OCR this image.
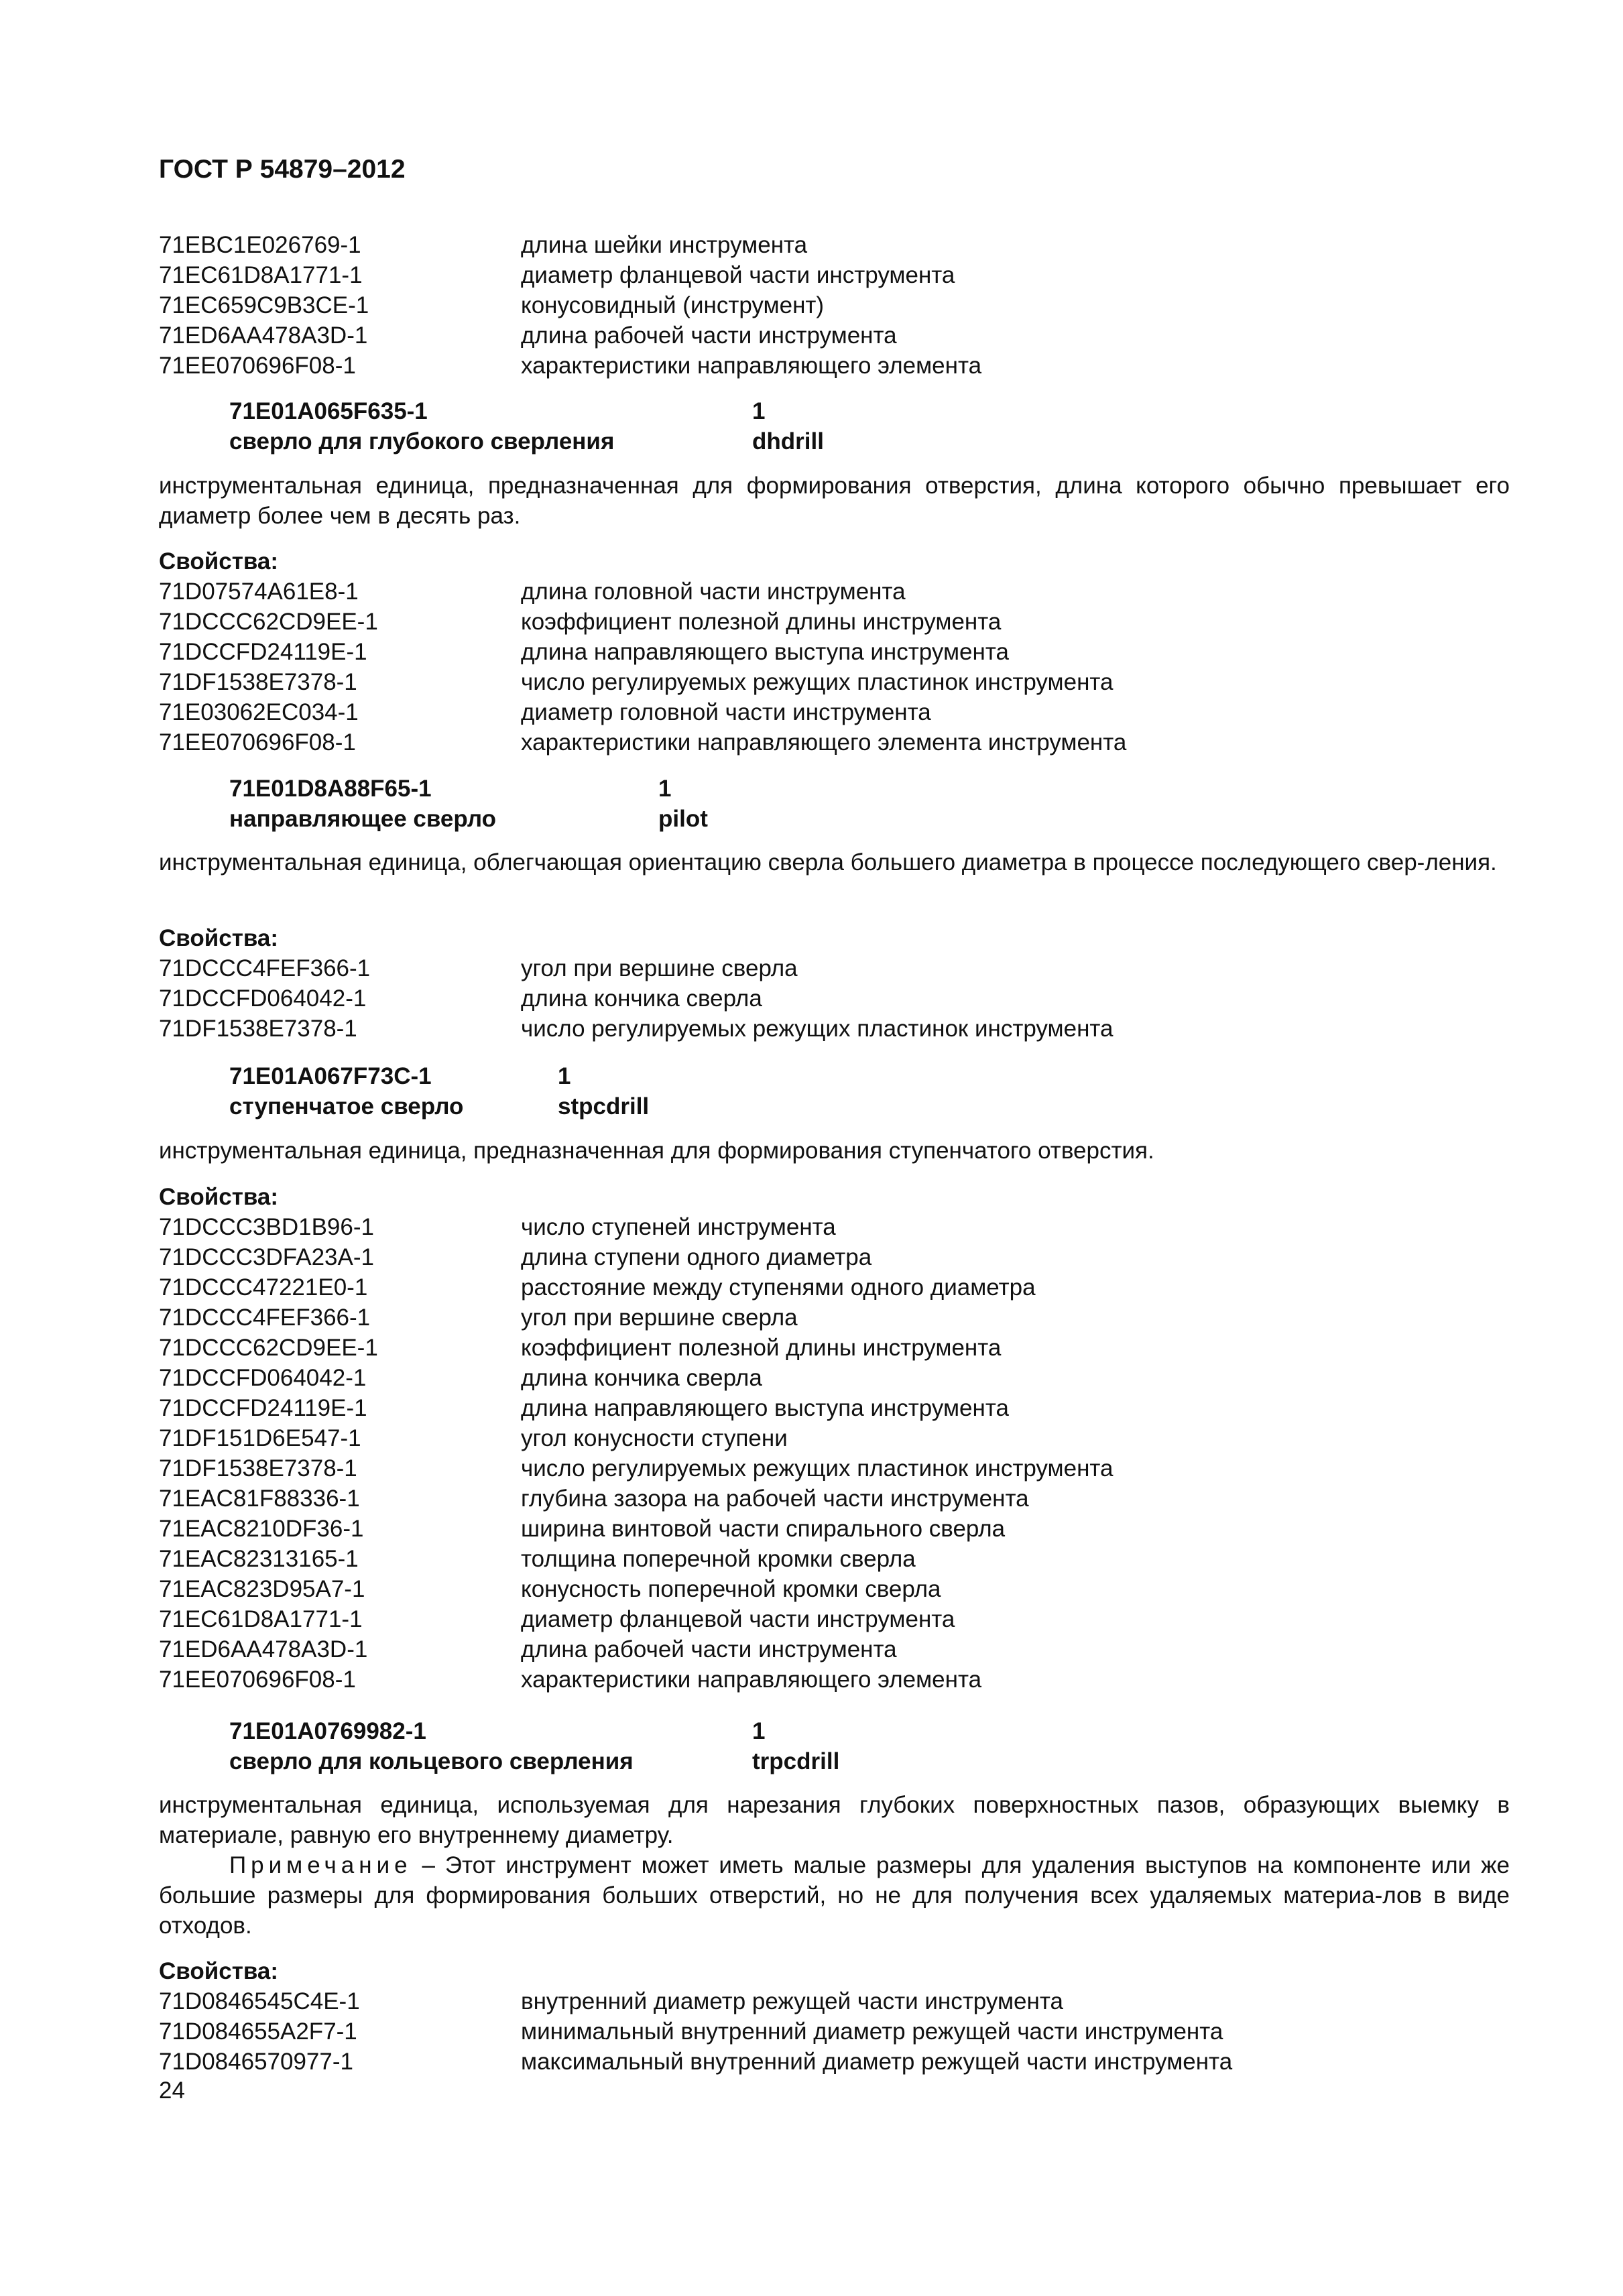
ГОСТ Р 54879–2012
71EBC1E026769-1	длина шейки инструмента
71EC61D8A1771-1	диаметр фланцевой части инструмента
71EC659C9B3CE-1	конусовидный (инструмент)
71ED6AA478A3D-1	длина рабочей части инструмента
71EE070696F08-1	характеристики направляющего элемента
71E01A065F635-1	1
сверло для глубокого сверления	dhdrill
инструментальная единица, предназначенная для формирования отверстия, длина которого обычно превышает его диаметр более чем в десять раз.
Свойства:
71D07574A61E8-1	длина головной части инструмента
71DCCC62CD9EE-1	коэффициент полезной длины инструмента
71DCCFD24119E-1	длина направляющего выступа инструмента
71DF1538E7378-1	число регулируемых режущих пластинок инструмента
71E03062EC034-1	диаметр головной части инструмента
71EE070696F08-1	характеристики направляющего элемента инструмента
71E01D8A88F65-1	1
направляющее сверло	pilot
инструментальная единица, облегчающая ориентацию сверла большего диаметра в процессе последующего свер-ления.
Свойства:
71DCCC4FEF366-1	угол при вершине сверла
71DCCFD064042-1	длина кончика сверла
71DF1538E7378-1	число регулируемых режущих пластинок инструмента
71E01A067F73C-1	1
ступенчатое сверло	stpcdrill
инструментальная единица, предназначенная для формирования ступенчатого отверстия.
Свойства:
71DCCC3BD1B96-1	число ступеней инструмента
71DCCC3DFA23A-1	длина ступени одного диаметра
71DCCC47221E0-1	расстояние между ступенями одного диаметра
71DCCC4FEF366-1	угол при вершине сверла
71DCCC62CD9EE-1	коэффициент полезной длины инструмента
71DCCFD064042-1	длина кончика сверла
71DCCFD24119E-1	длина направляющего выступа инструмента
71DF151D6E547-1	угол конусности ступени
71DF1538E7378-1	число регулируемых режущих пластинок инструмента
71EAC81F88336-1	глубина зазора на рабочей части инструмента
71EAC8210DF36-1	ширина винтовой части спирального сверла
71EAC82313165-1	толщина поперечной кромки сверла
71EAC823D95A7-1	конусность поперечной кромки сверла
71EC61D8A1771-1	диаметр фланцевой части инструмента
71ED6AA478A3D-1	длина рабочей части инструмента
71EE070696F08-1	характеристики направляющего элемента
71E01A0769982-1	1
сверло для кольцевого сверления	trpcdrill
инструментальная единица, используемая для нарезания глубоких поверхностных пазов, образующих выемку в материале, равную его внутреннему диаметру.
Примечание – Этот инструмент может иметь малые размеры для удаления выступов на компоненте или же большие размеры для формирования больших отверстий, но не для получения всех удаляемых материа-лов в виде отходов.
Свойства:
71D0846545C4E-1	внутренний диаметр режущей части инструмента
71D084655A2F7-1	минимальный внутренний диаметр режущей части инструмента
71D0846570977-1	максимальный внутренний диаметр режущей части инструмента
24
